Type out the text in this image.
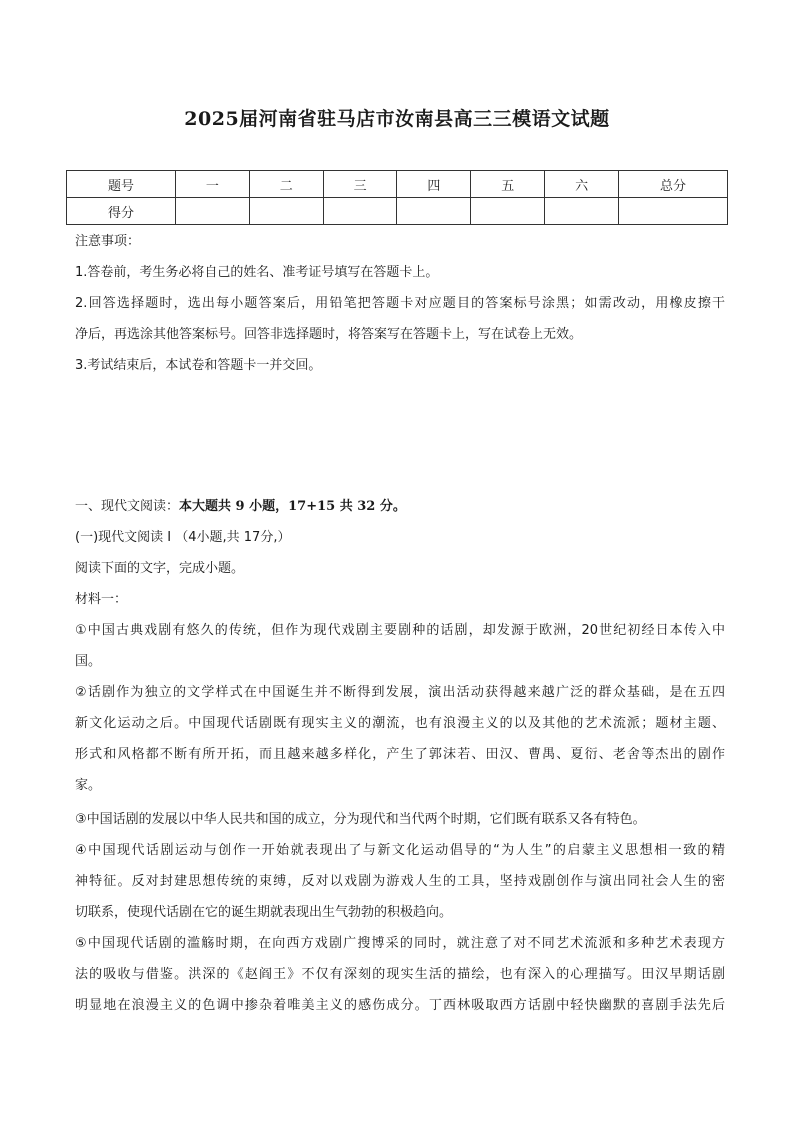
2025届河南省驻马店市汝南县高三三模语文试题
题号	一	二	三	四	五	六	总分
得分							
注意事项：
1.答卷前，考生务必将自己的姓名、准考证号填写在答题卡上。
2.回答选择题时，选出每小题答案后，用铅笔把答题卡对应题目的答案标号涂黑；如需改动，用橡皮擦干
净后，再选涂其他答案标号。回答非选择题时，将答案写在答题卡上，写在试卷上无效。
3.考试结束后，本试卷和答题卡一并交回。
一、现代文阅读：本大题共 9 小题，17+15 共 32 分。
(一)现代文阅读 I （4小题,共 17分,）
阅读下面的文字，完成小题。
材料一：
①中国古典戏剧有悠久的传统，但作为现代戏剧主要剧种的话剧，却发源于欧洲，20世纪初经日本传入中
国。
②话剧作为独立的文学样式在中国诞生并不断得到发展，演出活动获得越来越广泛的群众基础，是在五四
新文化运动之后。中国现代话剧既有现实主义的潮流，也有浪漫主义的以及其他的艺术流派；题材主题、
形式和风格都不断有所开拓，而且越来越多样化，产生了郭沫若、田汉、曹禺、夏衍、老舍等杰出的剧作
家。
③中国话剧的发展以中华人民共和国的成立，分为现代和当代两个时期，它们既有联系又各有特色。
④中国现代话剧运动与创作一开始就表现出了与新文化运动倡导的“为人生”的启蒙主义思想相一致的精
神特征。反对封建思想传统的束缚，反对以戏剧为游戏人生的工具，坚持戏剧创作与演出同社会人生的密
切联系，使现代话剧在它的诞生期就表现出生气勃勃的积极趋向。
⑤中国现代话剧的滥觞时期，在向西方戏剧广搜博采的同时，就注意了对不同艺术流派和多种艺术表现方
法的吸收与借鉴。洪深的《赵阎王》不仅有深刻的现实生活的描绘，也有深入的心理描写。田汉早期话剧
明显地在浪漫主义的色调中掺杂着唯美主义的感伤成分。丁西林吸取西方话剧中轻快幽默的喜剧手法先后
